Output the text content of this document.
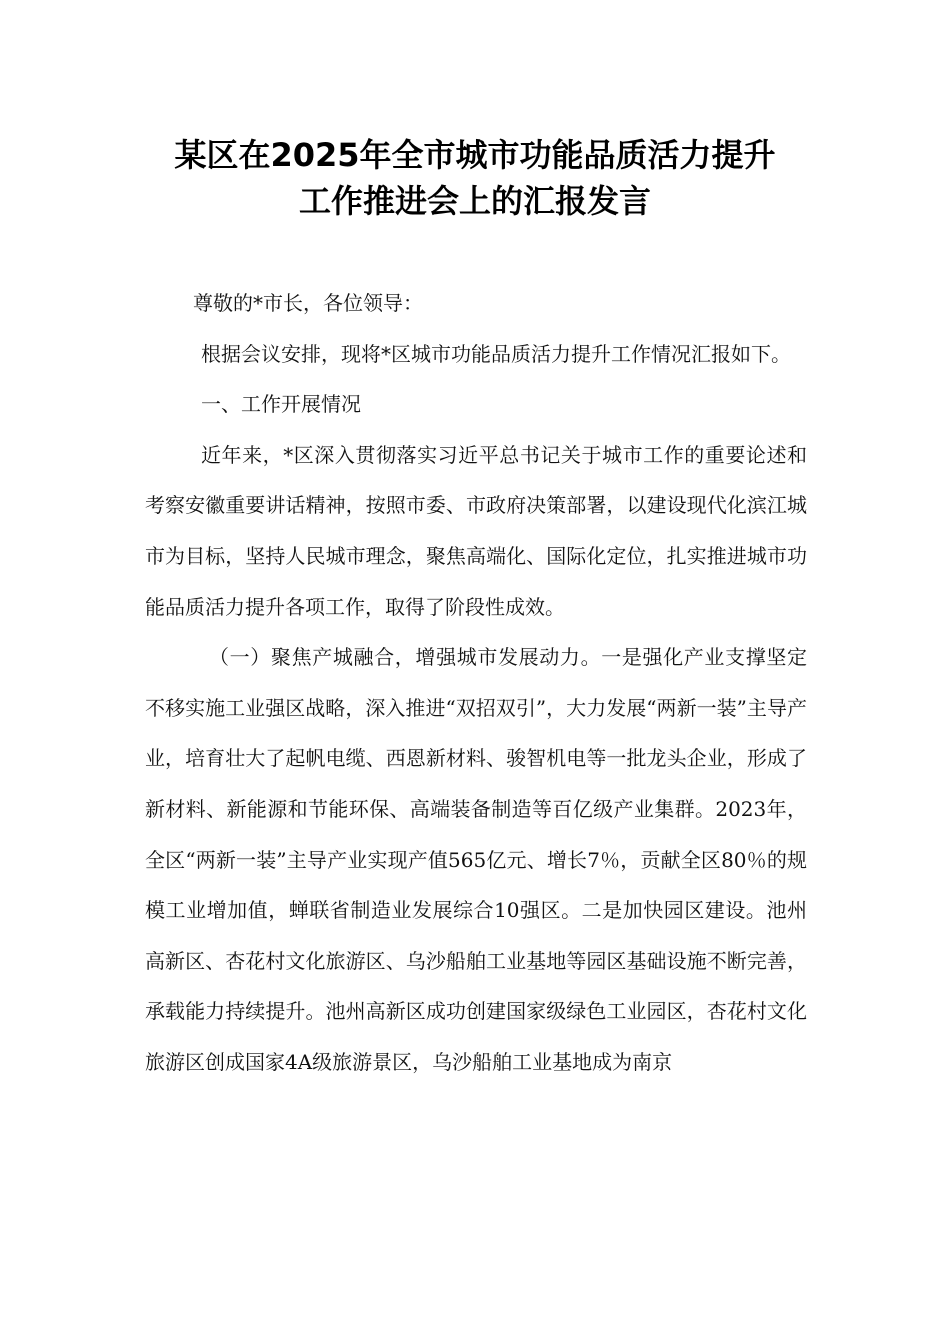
某区在2025年全市城市功能品质活力提升
工作推进会上的汇报发言

尊敬的*市长，各位领导：

根据会议安排，现将*区城市功能品质活力提升工作情况汇报如下。

一、工作开展情况

近年来，*区深入贯彻落实习近平总书记关于城市工作的重要论述和考察安徽重要讲话精神，按照市委、市政府决策部署，以建设现代化滨江城市为目标，坚持人民城市理念，聚焦高端化、国际化定位，扎实推进城市功能品质活力提升各项工作，取得了阶段性成效。

（一）聚焦产城融合，增强城市发展动力。一是强化产业支撑坚定不移实施工业强区战略，深入推进“双招双引”，大力发展“两新一装”主导产业，培育壮大了起帆电缆、西恩新材料、骏智机电等一批龙头企业，形成了新材料、新能源和节能环保、高端装备制造等百亿级产业集群。2023年，全区“两新一装”主导产业实现产值565亿元、增长7％，贡献全区80％的规模工业增加值，蝉联省制造业发展综合10强区。二是加快园区建设。池州高新区、杏花村文化旅游区、乌沙船舶工业基地等园区基础设施不断完善，承载能力持续提升。池州高新区成功创建国家级绿色工业园区，杏花村文化旅游区创成国家4A级旅游景区，乌沙船舶工业基地成为南京
